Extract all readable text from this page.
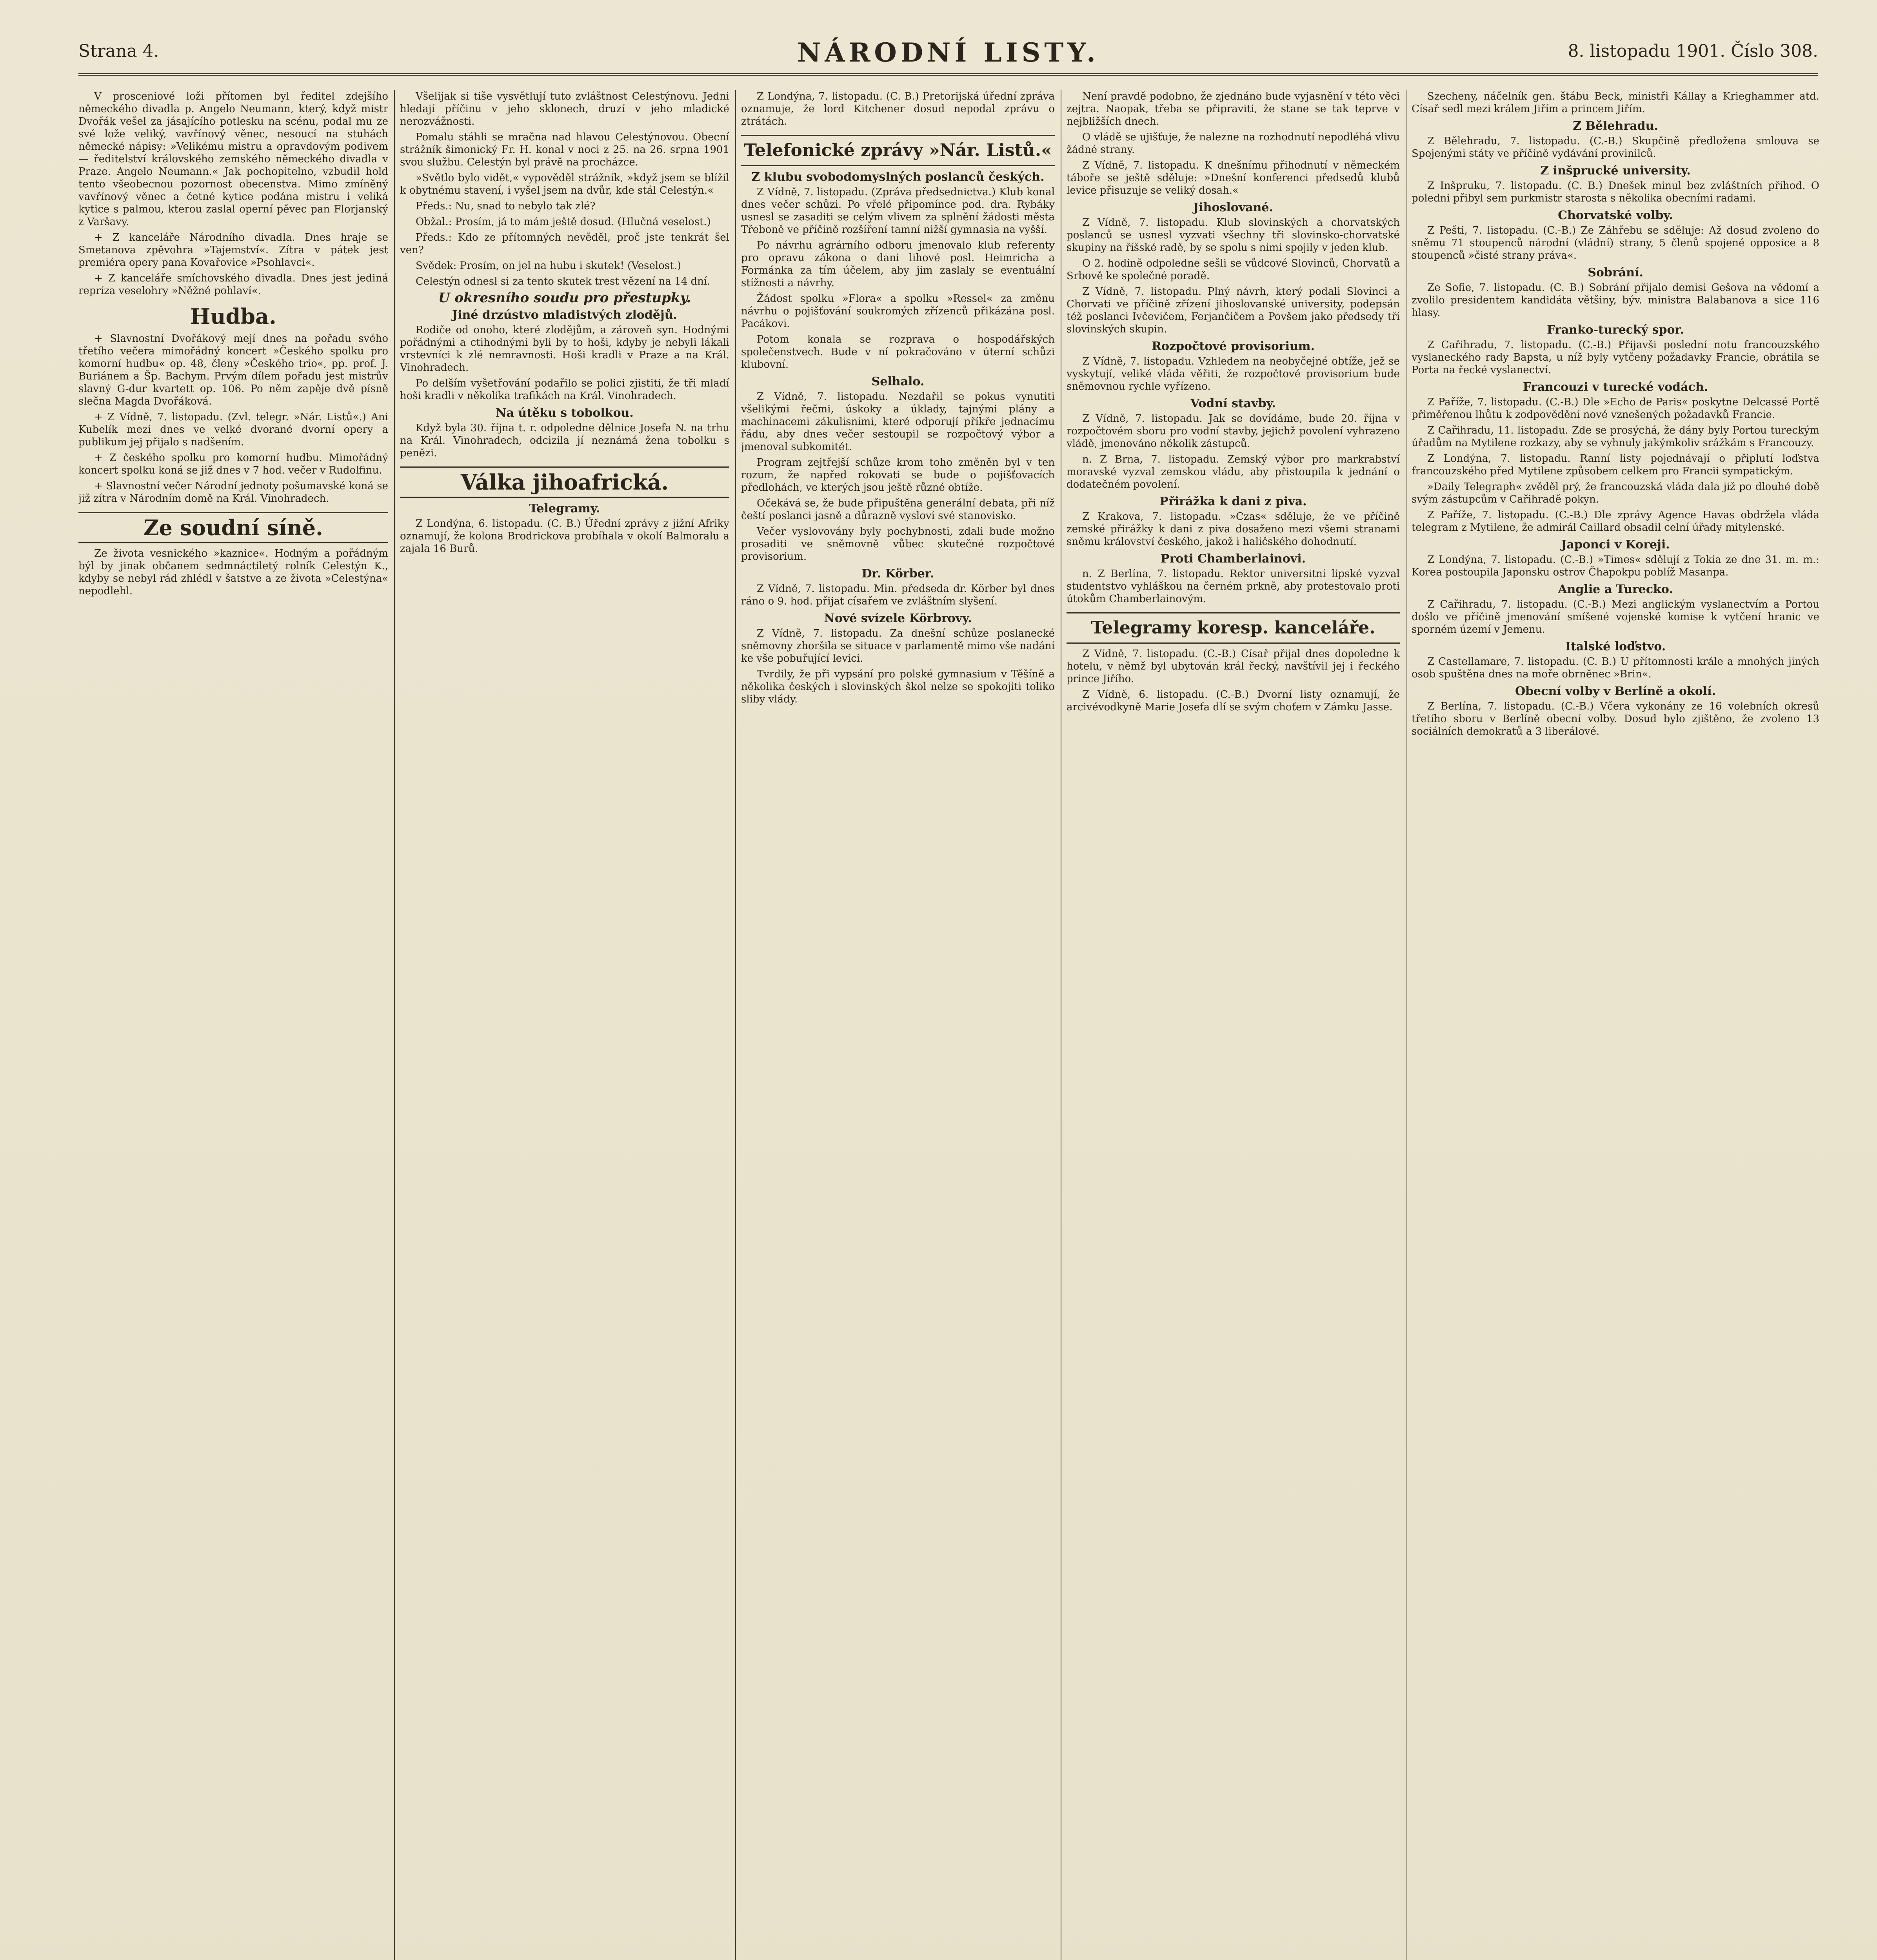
Strana 4.	NÁRODNÍ LISTY.	8. listopadu 1901. Číslo 308.

V prosceniové loži přítomen byl ředitel zdejšího německého divadla p. Angelo Neumann, který, když mistr Dvořák vešel za jásajícího potlesku na scénu, podal mu ze své lože veliký, vavřínový věnec, nesoucí na stuhách německé nápisy: »Velikému mistru a opravdovým podivem — ředitelství královského zemského německého divadla v Praze. Angelo Neumann.« Jak pochopitelno, vzbudil hold tento všeobecnou pozornost obecenstva. Mimo zmíněný vavřínový věnec a četné kytice podána mistru i veliká kytice s palmou, kterou zaslal operní pěvec pan Florjanský z Varšavy.

+ Z kanceláře Národního divadla. Dnes hraje se Smetanova zpěvohra »Tajemství«. Zítra v pátek jest premiéra opery pana Kovařovice »Psohlavci«.

+ Z kanceláře smíchovského divadla. Dnes jest jediná repríza veselohry »Něžné pohlaví«.

Hudba.

+ Slavnostní Dvořákový mejí dnes na pořadu svého třetího večera mimořádný koncert »Českého spolku pro komorní hudbu« op. 48, členy »Českého trio«, pp. prof. J. Buriánem a Šp. Bachym. Prvým dílem pořadu jest mistrův slavný G-dur kvartett op. 106. Po něm zapěje dvě písně slečna Magda Dvořáková.

+ Z Vídně, 7. listopadu. (Zvl. telegr. »Nár. Listů«.) Ani Kubelík mezi dnes ve velké dvorané dvorní opery a publikum jej přijalo s nadšením.

+ Z českého spolku pro komorní hudbu. Mimořádný koncert spolku koná se již dnes v 7 hod. večer v Rudolfinu.

+ Slavnostní večer Národní jednoty pošumavské koná se již zítra v Národním domě na Král. Vinohradech.

Ze soudní síně.

Ze života vesnického »kaznice«. Hodným a pořádným býl by jinak občanem sedmnáctiletý rolník Celestýn K., kdyby se nebyl rád zhlédl v šatstve a ze života »Celestýna« nepodlehl.

Všelijak si tiše vysvětlují tuto zvláštnost Celestýnovu. Jedni hledají příčinu v jeho sklonech, druzí v jeho mladické nerozvážnosti.

Pomalu stáhli se mračna nad hlavou Celestýnovou. Obecní strážník šimonický Fr. H. konal v noci z 25. na 26. srpna 1901 svou službu. Celestýn byl právě na procházce.

»Světlo bylo vidět,« vypověděl strážník, »když jsem se blížil k obytnému stavení, i vyšel jsem na dvůr, kde stál Celestýn.«

Předs.: Nu, snad to nebylo tak zlé?

Obžal.: Prosím, já to mám ještě dosud. (Hlučná veselost.)

Předs.: Kdo ze přítomných nevěděl, proč jste tenkrát šel ven?

Svědek: Prosím, on jel na hubu i skutek! (Veselost.)

Celestýn odnesl si za tento skutek trest vězení na 14 dní.

U okresního soudu pro přestupky.
Jiné drzústvo mladistvých zlodějů.

Rodiče od onoho, které zlodějům, a zároveň syn. Hodnými pořádnými a ctihodnými byli by to hoši, kdyby je nebyli lákali vrstevníci k zlé nemravnosti. Hoši kradli v Praze a na Král. Vinohradech.

Po delším vyšetřování podařilo se polici zjistiti, že tři mladí hoši kradli v několika trafikách na Král. Vinohradech.

Na útěku s tobolkou.

Když byla 30. října t. r. odpoledne dělnice Josefa N. na trhu na Král. Vinohradech, odcizila jí neznámá žena tobolku s penězi.

Válka jihoafrická.
Telegramy.

Z Londýna, 6. listopadu. (C. B.) Úřední zprávy z jižní Afriky oznamují, že kolona Brodrickova probíhala v okolí Balmoralu a zajala 16 Burů.

Z Londýna, 7. listopadu. (C. B.) Pretorijská úřední zpráva oznamuje, že lord Kitchener dosud nepodal zprávu o ztrátách.

Telefonické zprávy »Nár. Listů.«
Z klubu svobodomyslných poslanců českých.

Z Vídně, 7. listopadu. (Zpráva předsednictva.) Klub konal dnes večer schůzi. Po vřelé připomínce pod. dra. Rybáky usnesl se zasaditi se celým vlivem za splnění žádosti města Třeboně ve příčině rozšíření tamní nižší gymnasia na vyšší.

Po návrhu agrárního odboru jmenovalo klub referenty pro opravu zákona o dani lihové posl. Heimricha a Formánka za tím účelem, aby jim zaslaly se eventuální stížnosti a návrhy.

Žádost spolku »Flora« a spolku »Ressel« za změnu návrhu o pojišťování soukromých zřízenců přikázána posl. Pacákovi.

Potom konala se rozprava o hospodářských společenstvech. Bude v ní pokračováno v úterní schůzi klubovní.

Selhalo.

Z Vídně, 7. listopadu. Nezdařil se pokus vynutiti všelikými řečmi, úskoky a úklady, tajnými plány a machinacemi zákulisními, které odporují příkře jednacímu řádu, aby dnes večer sestoupil se rozpočtový výbor a jmenoval subkomitét.

Program zejtřejší schůze krom toho změněn byl v ten rozum, že napřed rokovati se bude o pojišťovacích předlohách, ve kterých jsou ještě různé obtíže.

Očekává se, že bude připuštěna generální debata, při níž čeští poslanci jasně a důrazně vysloví své stanovisko.

Večer vyslovovány byly pochybnosti, zdali bude možno prosaditi ve sněmovně vůbec skutečné rozpočtové provisorium.

Dr. Körber.

Z Vídně, 7. listopadu. Min. předseda dr. Körber byl dnes ráno o 9. hod. přijat císařem ve zvláštním slyšení.

Nové svízele Körbrovy.

Z Vídně, 7. listopadu. Za dnešní schůze poslanecké sněmovny zhoršila se situace v parlamentě mimo vše nadání ke vše pobuřující levici.

Tvrdily, že při vypsání pro polské gymnasium v Těšíně a několika českých i slovinských škol nelze se spokojiti toliko sliby vlády.

Není pravdě podobno, že zjednáno bude vyjasnění v této věci zejtra. Naopak, třeba se připraviti, že stane se tak teprve v nejbližších dnech.

O vládě se ujišťuje, že nalezne na rozhodnutí nepodléhá vlivu žádné strany.

Z Vídně, 7. listopadu. K dnešnímu přihodnutí v německém táboře se ještě sděluje: »Dnešní konferenci předsedů klubů levice přisuzuje se veliký dosah.«

Jihoslované.

Z Vídně, 7. listopadu. Klub slovinských a chorvatských poslanců se usnesl vyzvati všechny tři slovinsko-chorvatské skupiny na říšské radě, by se spolu s nimi spojily v jeden klub.

O 2. hodině odpoledne sešli se vůdcové Slovinců, Chorvatů a Srbově ke společné poradě.

Z Vídně, 7. listopadu. Plný návrh, který podali Slovinci a Chorvati ve příčině zřízení jihoslovanské university, podepsán též poslanci Ivčevičem, Ferjančičem a Povšem jako předsedy tří slovinských skupin.

Rozpočtové provisorium.

Z Vídně, 7. listopadu. Vzhledem na neobyčejné obtíže, jež se vyskytují, veliké vláda věřiti, že rozpočtové provisorium bude sněmovnou rychle vyřízeno.

Vodní stavby.

Z Vídně, 7. listopadu. Jak se dovídáme, bude 20. října v rozpočtovém sboru pro vodní stavby, jejichž povolení vyhrazeno vládě, jmenováno několik zástupců.

n. Z Brna, 7. listopadu. Zemský výbor pro markrabství moravské vyzval zemskou vládu, aby přistoupila k jednání o dodatečném povolení.

Přirážka k dani z piva.

Z Krakova, 7. listopadu. »Czas« sděluje, že ve příčině zemské přirážky k dani z piva dosaženo mezi všemi stranami sněmu království českého, jakož i haličského dohodnutí.

Proti Chamberlainovi.

n. Z Berlína, 7. listopadu. Rektor universitní lipské vyzval studentstvo vyhláškou na černém prkně, aby protestovalo proti útokům Chamberlainovým.

Telegramy koresp. kanceláře.

Z Vídně, 7. listopadu. (C.-B.) Císař přijal dnes dopoledne k hotelu, v němž byl ubytován král řecký, navštívil jej i řeckého prince Jiřího.

Z Vídně, 6. listopadu. (C.-B.) Dvorní listy oznamují, že arcivévodkyně Marie Josefa dlí se svým choťem v Zámku Jasse.

Szecheny, náčelník gen. štábu Beck, ministři Kállay a Krieghammer atd. Císař sedl mezi králem Jiřím a princem Jiřím.

Z Bělehradu.

Z Bělehradu, 7. listopadu. (C.-B.) Skupčině předložena smlouva se Spojenými státy ve příčině vydávání provinilců.

Z inšprucké university.

Z Inšpruku, 7. listopadu. (C. B.) Dnešek minul bez zvláštních příhod. O poledni přibyl sem purkmistr starosta s několika obecními radami.

Chorvatské volby.

Z Pešti, 7. listopadu. (C.-B.) Ze Záhřebu se sděluje: Až dosud zvoleno do sněmu 71 stoupenců národní (vládní) strany, 5 členů spojené opposice a 8 stoupenců »čisté strany práva«.

Sobrání.

Ze Sofie, 7. listopadu. (C. B.) Sobrání přijalo demisi Gešova na vědomí a zvolilo presidentem kandidáta většiny, býv. ministra Balabanova a sice 116 hlasy.

Franko-turecký spor.

Z Cařihradu, 7. listopadu. (C.-B.) Přijavši poslední notu francouzského vyslaneckého rady Bapsta, u níž byly vytčeny požadavky Francie, obrátila se Porta na řecké vyslanectví.

Francouzi v turecké vodách.

Z Paříže, 7. listopadu. (C.-B.) Dle »Echo de Paris« poskytne Delcassé Portě přiměřenou lhůtu k zodpovědění nové vznešených požadavků Francie.

Z Cařihradu, 11. listopadu. Zde se prosýchá, že dány byly Portou tureckým úřadům na Mytilenе rozkazy, aby se vyhnuly jakýmkoliv srážkám s Francouzy.

Z Londýna, 7. listopadu. Ranní listy pojednávají o připlutí loďstva francouzského před Mytilene způsobem celkem pro Francii sympatickým.

»Daily Telegraph« zvěděl prý, že francouzská vláda dala již po dlouhé době svým zástupcům v Cařihradě pokyn.

Z Paříže, 7. listopadu. (C.-B.) Dle zprávy Agence Havas obdržela vláda telegram z Mytilene, že admirál Caillard obsadil celní úřady mitylenské.

Japonci v Koreji.

Z Londýna, 7. listopadu. (C.-B.) »Times« sdělují z Tokia ze dne 31. m. m.: Korea postoupila Japonsku ostrov Čhapokpu poblíž Masanpa.

Anglie a Turecko.

Z Cařihradu, 7. listopadu. (C.-B.) Mezi anglickým vyslanectvím a Portou došlo ve příčině jmenování smíšené vojenské komise k vytčení hranic ve sporném území v Jemenu.

Italské loďstvo.

Z Castellamare, 7. listopadu. (C. B.) U přítomnosti krále a mnohých jiných osob spuštěna dnes na moře obrněnec »Brin«.

Obecní volby v Berlíně a okolí.

Z Berlína, 7. listopadu. (C.-B.) Včera vykonány ze 16 volebních okresů třetího sboru v Berlíně obecní volby. Dosud bylo zjištěno, že zvoleno 13 sociálních demokratů a 3 liberálové.
